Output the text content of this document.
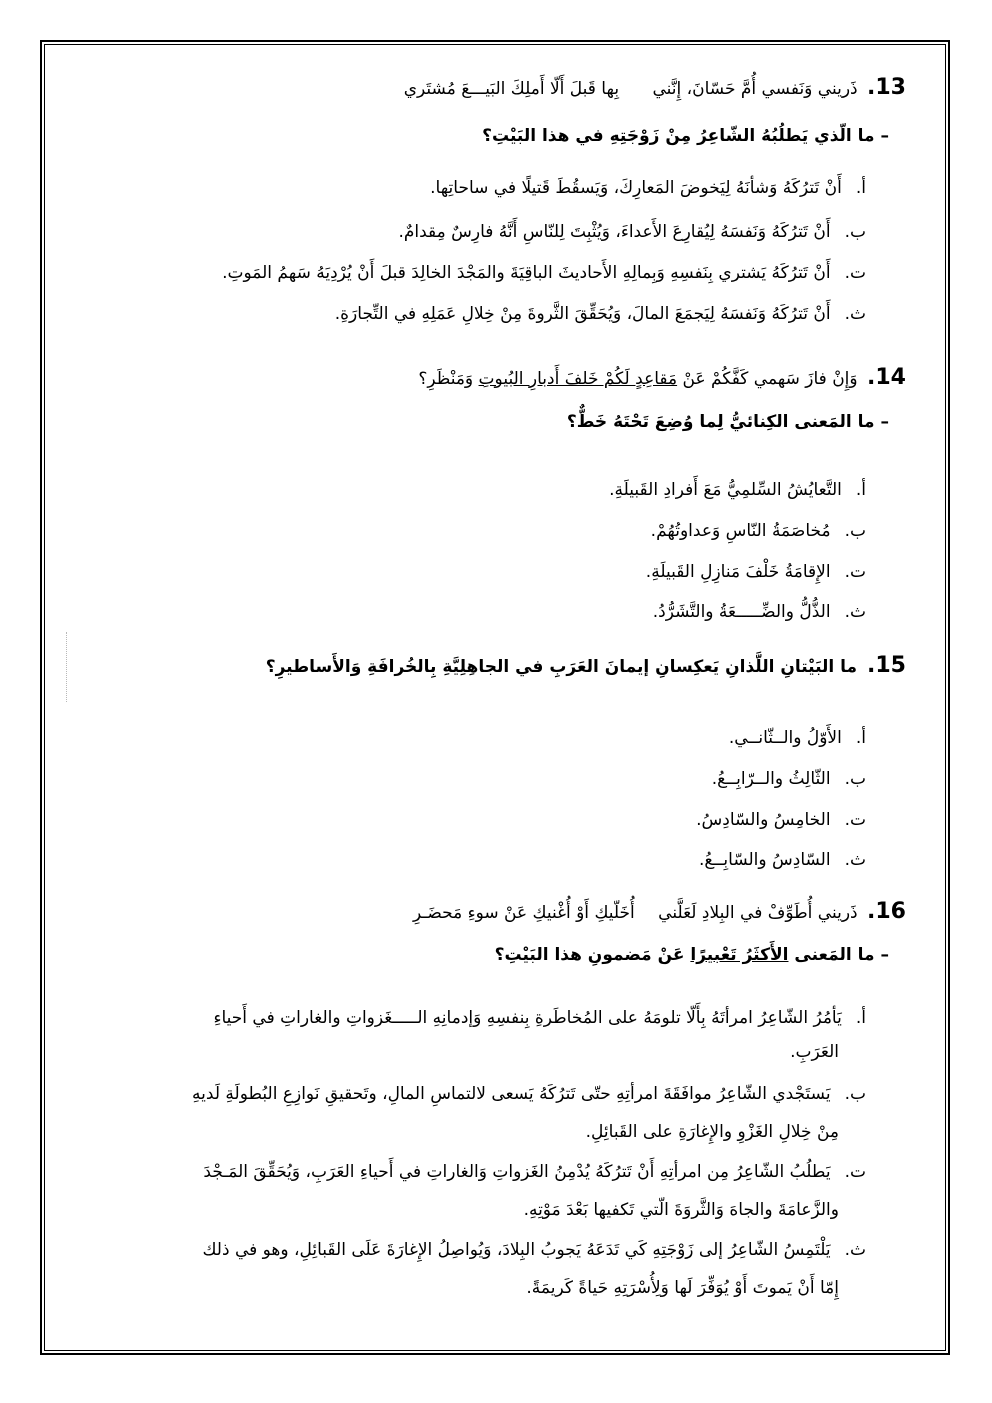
13. ذَريني وَنَفسي أُمَّ حَسّانَ، إِنَّني بِها قَبلَ أَلّا أَملِكَ البَيـــعَ مُشتَري
– ما الّذي يَطلُبُهُ الشّاعِرُ مِنْ زَوْجَتِهِ في هذا البَيْتِ؟
أ.أَنْ تَترُكَهُ وَشأنَهُ لِيَخوضَ المَعارِكَ، وَيَسقُطَ قَتيلًا في ساحاتِها.
ب.أَنْ تَترُكَهُ وَنَفسَهُ لِيُقارِعَ الأَعداءَ، وَيُثْبِتَ لِلنّاسِ أَنَّهُ فارِسٌ مِقدامٌ.
ت.أَنْ تَترُكَهُ يَشتري بِنَفسِهِ وَبِمالِهِ الأَحاديثَ الباقِيَةَ والمَجْدَ الخالِدَ قبلَ أَنْ يُرْدِيَهُ سَهمُ المَوتِ.
ث.أَنْ تَترُكَهُ وَنَفسَهُ لِيَجمَعَ المالَ، وَيُحَقِّقَ الثَّروةَ مِنْ خِلالِ عَمَلِهِ في التِّجارَةِ.
14. وَإِنْ فازَ سَهمي كَفَّكُمْ عَنْ مَقاعِدٍ لَكُمْ خَلفَ أَدبارِ البُيوتِ وَمَنْظَرِ؟
– ما المَعنى الكِنائيُّ لِما وُضِعَ تَحْتَهُ خَطٌّ؟
أ.التَّعايُشُ السِّلمِيُّ مَعَ أَفرادِ القَبيلَةِ.
ب.مُخاصَمَةُ النّاسِ وَعداوتُهُمْ.
ت.الإِقامَةُ خَلْفَ مَنازِلِ القَبيلَةِ.
ث.الذُّلُّ والضِّـــــعَةُ والتَّشَرُّدُ.
15. ما البَيْتانِ اللَّذانِ يَعكِسانِ إيمانَ العَرَبِ في الجاهِلِيَّةِ بِالخُرافَةِ وَالأَساطيرِ؟
أ.الأَوّلُ والــثّانــي.
ب.الثّالِثُ والــرّابِــعُ.
ت.الخامِسُ والسّادِسُ.
ث.السّادِسُ والسّابِــعُ.
16. ذَريني أُطَوِّفْ في البِلادِ لَعَلَّني أُخَلّيكِ أَوْ أُغْنيكِ عَنْ سوءِ مَحضَـرِ
– ما المَعنى الأَكثَرُ تَعْبيرًا عَنْ مَضمونِ هذا البَيْتِ؟
أ.يَأمُرُ الشّاعِرُ امرأتَهُ بِأَلّا تلومَهُ على المُخاطَرةِ بِنفسِهِ وَإدمانِهِ الـــــغَزواتِ والغاراتِ في أَحياءِ
العَرَبِ.
ب.يَستَجْدي الشّاعِرُ موافَقَةَ امرأتِهِ حتّى تَترُكَهُ يَسعى لالتماسِ المالِ، وتَحقيقِ نَوازِعِ البُطولَةِ لَديهِ
مِنْ خِلالِ الغَزْوِ والإِغارَةِ على القَبائِلِ.
ت.يَطلُبُ الشّاعِرُ مِن امرأتِهِ أَنْ تَترُكَهُ يُدْمِنُ الغَزواتِ وَالغاراتِ في أَحياءِ العَرَبِ، وَيُحَقِّقَ المَـجْدَ
والزَّعامَةَ والجاهَ وَالثَّروَةَ الّتي تَكفيها بَعْدَ مَوْتِهِ.
ث.يَلْتَمِسُ الشّاعِرُ إلى زَوْجَتِهِ كَي تَدَعَهُ يَجوبُ البِلادَ، وَيُواصِلُ الإِغارَةَ عَلَى القَبائِلِ، وهو في ذلك
إِمّا أَنْ يَموتَ أَوْ يُوَفِّرَ لَها وَلِأُسْرَتِهِ حَياةً كَريمَةً.
